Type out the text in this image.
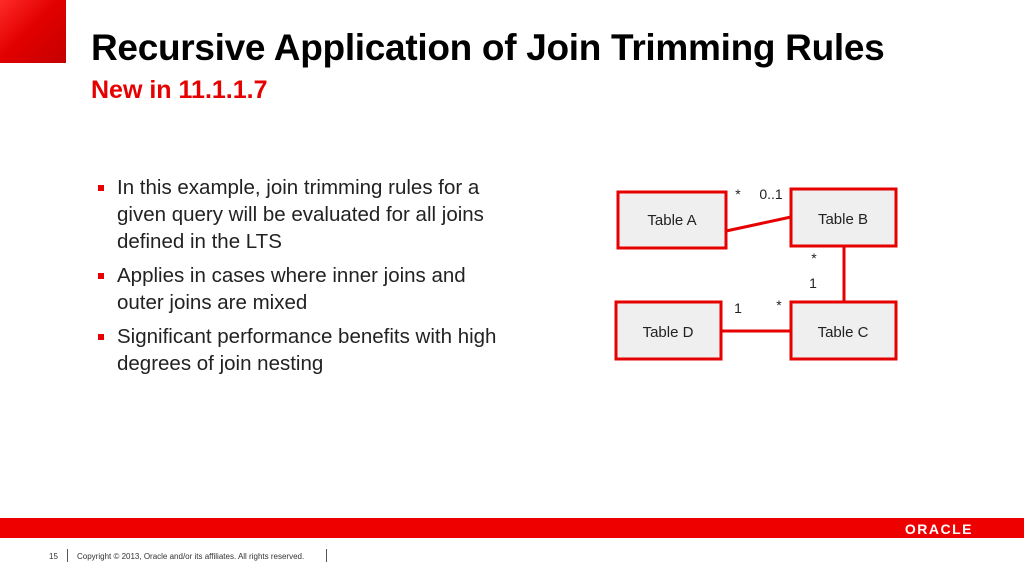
Recursive Application of Join Trimming Rules
New in 11.1.1.7
In this example, join trimming rules for a given query will be evaluated for all joins defined in the LTS
Applies in cases where inner joins and outer joins are mixed
Significant performance benefits with high degrees of join nesting
Table A	Table B
Table D	Table C
* 0..1
*
1
1 *
ORACLE
15 Copyright © 2013, Oracle and/or its affiliates. All rights reserved.
